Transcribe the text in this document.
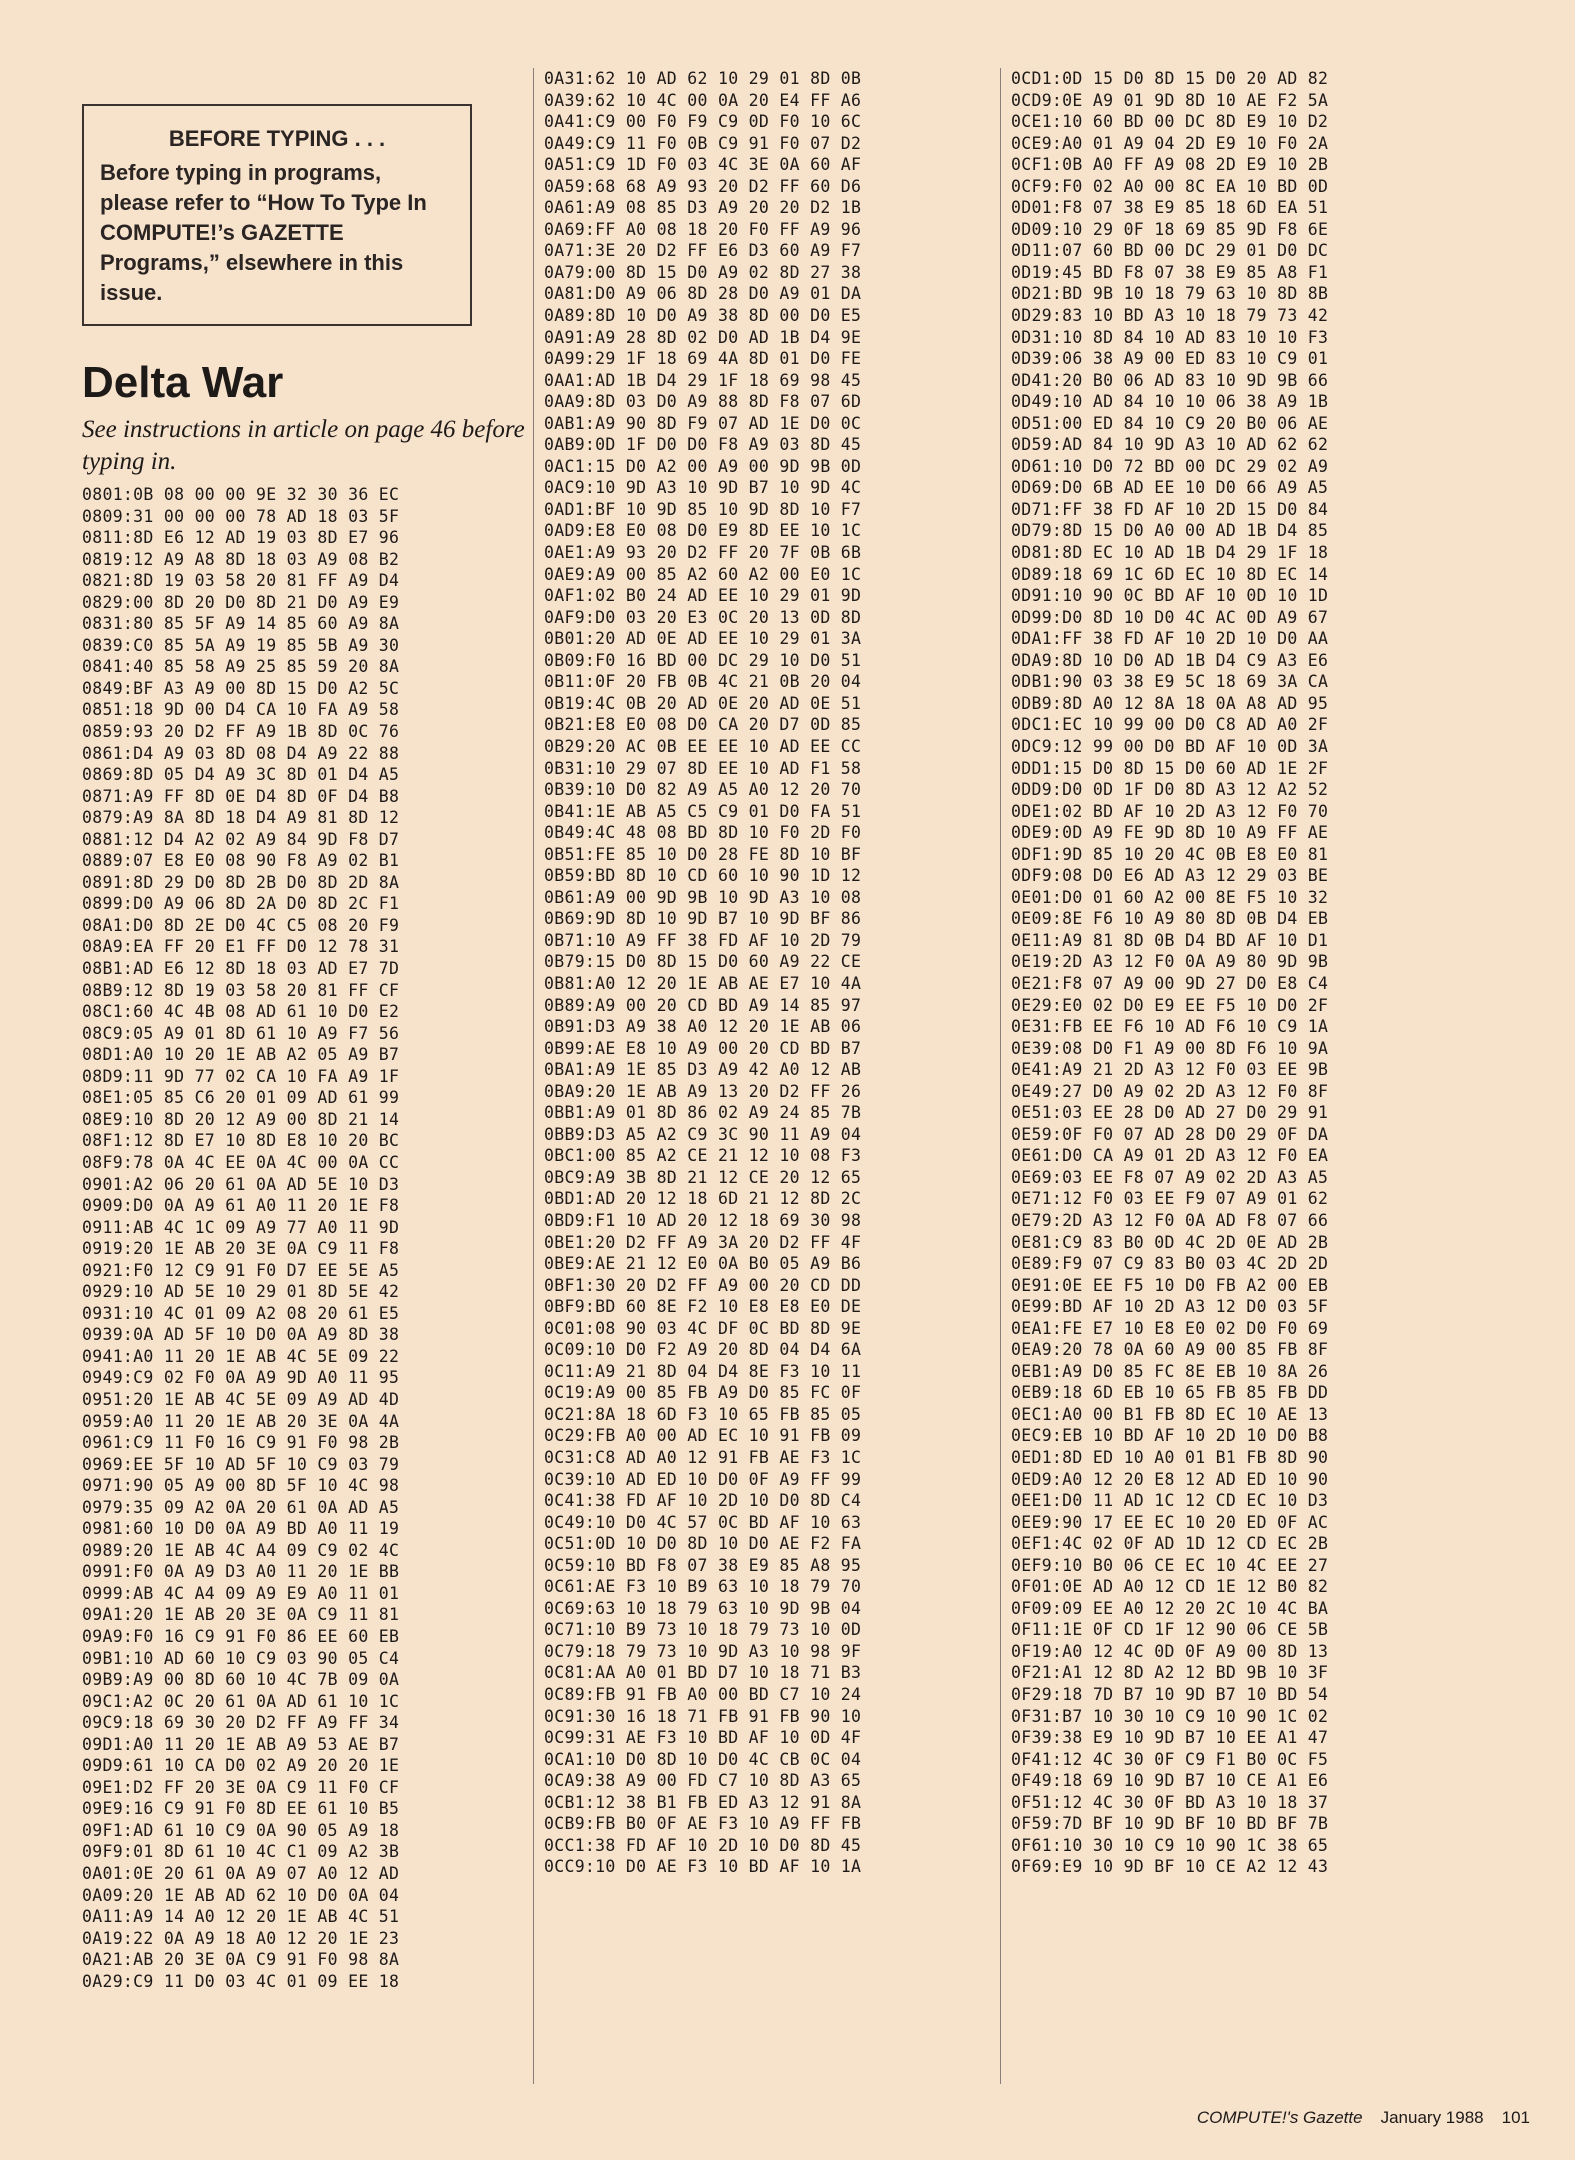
BEFORE TYPING . . .
Before typing in programs, please refer to “How To Type In COMPUTE!’s GAZETTE Programs,” elsewhere in this issue.
Delta War
See instructions in article on page 46 before typing in.
0801:0B 08 00 00 9E 32 30 36 EC
0809:31 00 00 00 78 AD 18 03 5F
0811:8D E6 12 AD 19 03 8D E7 96
0819:12 A9 A8 8D 18 03 A9 08 B2
0821:8D 19 03 58 20 81 FF A9 D4
0829:00 8D 20 D0 8D 21 D0 A9 E9
0831:80 85 5F A9 14 85 60 A9 8A
0839:C0 85 5A A9 19 85 5B A9 30
0841:40 85 58 A9 25 85 59 20 8A
0849:BF A3 A9 00 8D 15 D0 A2 5C
0851:18 9D 00 D4 CA 10 FA A9 58
0859:93 20 D2 FF A9 1B 8D 0C 76
0861:D4 A9 03 8D 08 D4 A9 22 88
0869:8D 05 D4 A9 3C 8D 01 D4 A5
0871:A9 FF 8D 0E D4 8D 0F D4 B8
0879:A9 8A 8D 18 D4 A9 81 8D 12
0881:12 D4 A2 02 A9 84 9D F8 D7
0889:07 E8 E0 08 90 F8 A9 02 B1
0891:8D 29 D0 8D 2B D0 8D 2D 8A
0899:D0 A9 06 8D 2A D0 8D 2C F1
08A1:D0 8D 2E D0 4C C5 08 20 F9
08A9:EA FF 20 E1 FF D0 12 78 31
08B1:AD E6 12 8D 18 03 AD E7 7D
08B9:12 8D 19 03 58 20 81 FF CF
08C1:60 4C 4B 08 AD 61 10 D0 E2
08C9:05 A9 01 8D 61 10 A9 F7 56
08D1:A0 10 20 1E AB A2 05 A9 B7
08D9:11 9D 77 02 CA 10 FA A9 1F
08E1:05 85 C6 20 01 09 AD 61 99
08E9:10 8D 20 12 A9 00 8D 21 14
08F1:12 8D E7 10 8D E8 10 20 BC
08F9:78 0A 4C EE 0A 4C 00 0A CC
0901:A2 06 20 61 0A AD 5E 10 D3
0909:D0 0A A9 61 A0 11 20 1E F8
0911:AB 4C 1C 09 A9 77 A0 11 9D
0919:20 1E AB 20 3E 0A C9 11 F8
0921:F0 12 C9 91 F0 D7 EE 5E A5
0929:10 AD 5E 10 29 01 8D 5E 42
0931:10 4C 01 09 A2 08 20 61 E5
0939:0A AD 5F 10 D0 0A A9 8D 38
0941:A0 11 20 1E AB 4C 5E 09 22
0949:C9 02 F0 0A A9 9D A0 11 95
0951:20 1E AB 4C 5E 09 A9 AD 4D
0959:A0 11 20 1E AB 20 3E 0A 4A
0961:C9 11 F0 16 C9 91 F0 98 2B
0969:EE 5F 10 AD 5F 10 C9 03 79
0971:90 05 A9 00 8D 5F 10 4C 98
0979:35 09 A2 0A 20 61 0A AD A5
0981:60 10 D0 0A A9 BD A0 11 19
0989:20 1E AB 4C A4 09 C9 02 4C
0991:F0 0A A9 D3 A0 11 20 1E BB
0999:AB 4C A4 09 A9 E9 A0 11 01
09A1:20 1E AB 20 3E 0A C9 11 81
09A9:F0 16 C9 91 F0 86 EE 60 EB
09B1:10 AD 60 10 C9 03 90 05 C4
09B9:A9 00 8D 60 10 4C 7B 09 0A
09C1:A2 0C 20 61 0A AD 61 10 1C
09C9:18 69 30 20 D2 FF A9 FF 34
09D1:A0 11 20 1E AB A9 53 AE B7
09D9:61 10 CA D0 02 A9 20 20 1E
09E1:D2 FF 20 3E 0A C9 11 F0 CF
09E9:16 C9 91 F0 8D EE 61 10 B5
09F1:AD 61 10 C9 0A 90 05 A9 18
09F9:01 8D 61 10 4C C1 09 A2 3B
0A01:0E 20 61 0A A9 07 A0 12 AD
0A09:20 1E AB AD 62 10 D0 0A 04
0A11:A9 14 A0 12 20 1E AB 4C 51
0A19:22 0A A9 18 A0 12 20 1E 23
0A21:AB 20 3E 0A C9 91 F0 98 8A
0A29:C9 11 D0 03 4C 01 09 EE 18
0A31:62 10 AD 62 10 29 01 8D 0B
0A39:62 10 4C 00 0A 20 E4 FF A6
0A41:C9 00 F0 F9 C9 0D F0 10 6C
0A49:C9 11 F0 0B C9 91 F0 07 D2
0A51:C9 1D F0 03 4C 3E 0A 60 AF
0A59:68 68 A9 93 20 D2 FF 60 D6
0A61:A9 08 85 D3 A9 20 20 D2 1B
0A69:FF A0 08 18 20 F0 FF A9 96
0A71:3E 20 D2 FF E6 D3 60 A9 F7
0A79:00 8D 15 D0 A9 02 8D 27 38
0A81:D0 A9 06 8D 28 D0 A9 01 DA
0A89:8D 10 D0 A9 38 8D 00 D0 E5
0A91:A9 28 8D 02 D0 AD 1B D4 9E
0A99:29 1F 18 69 4A 8D 01 D0 FE
0AA1:AD 1B D4 29 1F 18 69 98 45
0AA9:8D 03 D0 A9 88 8D F8 07 6D
0AB1:A9 90 8D F9 07 AD 1E D0 0C
0AB9:0D 1F D0 D0 F8 A9 03 8D 45
0AC1:15 D0 A2 00 A9 00 9D 9B 0D
0AC9:10 9D A3 10 9D B7 10 9D 4C
0AD1:BF 10 9D 85 10 9D 8D 10 F7
0AD9:E8 E0 08 D0 E9 8D EE 10 1C
0AE1:A9 93 20 D2 FF 20 7F 0B 6B
0AE9:A9 00 85 A2 60 A2 00 E0 1C
0AF1:02 B0 24 AD EE 10 29 01 9D
0AF9:D0 03 20 E3 0C 20 13 0D 8D
0B01:20 AD 0E AD EE 10 29 01 3A
0B09:F0 16 BD 00 DC 29 10 D0 51
0B11:0F 20 FB 0B 4C 21 0B 20 04
0B19:4C 0B 20 AD 0E 20 AD 0E 51
0B21:E8 E0 08 D0 CA 20 D7 0D 85
0B29:20 AC 0B EE EE 10 AD EE CC
0B31:10 29 07 8D EE 10 AD F1 58
0B39:10 D0 82 A9 A5 A0 12 20 70
0B41:1E AB A5 C5 C9 01 D0 FA 51
0B49:4C 48 08 BD 8D 10 F0 2D F0
0B51:FE 85 10 D0 28 FE 8D 10 BF
0B59:BD 8D 10 CD 60 10 90 1D 12
0B61:A9 00 9D 9B 10 9D A3 10 08
0B69:9D 8D 10 9D B7 10 9D BF 86
0B71:10 A9 FF 38 FD AF 10 2D 79
0B79:15 D0 8D 15 D0 60 A9 22 CE
0B81:A0 12 20 1E AB AE E7 10 4A
0B89:A9 00 20 CD BD A9 14 85 97
0B91:D3 A9 38 A0 12 20 1E AB 06
0B99:AE E8 10 A9 00 20 CD BD B7
0BA1:A9 1E 85 D3 A9 42 A0 12 AB
0BA9:20 1E AB A9 13 20 D2 FF 26
0BB1:A9 01 8D 86 02 A9 24 85 7B
0BB9:D3 A5 A2 C9 3C 90 11 A9 04
0BC1:00 85 A2 CE 21 12 10 08 F3
0BC9:A9 3B 8D 21 12 CE 20 12 65
0BD1:AD 20 12 18 6D 21 12 8D 2C
0BD9:F1 10 AD 20 12 18 69 30 98
0BE1:20 D2 FF A9 3A 20 D2 FF 4F
0BE9:AE 21 12 E0 0A B0 05 A9 B6
0BF1:30 20 D2 FF A9 00 20 CD DD
0BF9:BD 60 8E F2 10 E8 E8 E0 DE
0C01:08 90 03 4C DF 0C BD 8D 9E
0C09:10 D0 F2 A9 20 8D 04 D4 6A
0C11:A9 21 8D 04 D4 8E F3 10 11
0C19:A9 00 85 FB A9 D0 85 FC 0F
0C21:8A 18 6D F3 10 65 FB 85 05
0C29:FB A0 00 AD EC 10 91 FB 09
0C31:C8 AD A0 12 91 FB AE F3 1C
0C39:10 AD ED 10 D0 0F A9 FF 99
0C41:38 FD AF 10 2D 10 D0 8D C4
0C49:10 D0 4C 57 0C BD AF 10 63
0C51:0D 10 D0 8D 10 D0 AE F2 FA
0C59:10 BD F8 07 38 E9 85 A8 95
0C61:AE F3 10 B9 63 10 18 79 70
0C69:63 10 18 79 63 10 9D 9B 04
0C71:10 B9 73 10 18 79 73 10 0D
0C79:18 79 73 10 9D A3 10 98 9F
0C81:AA A0 01 BD D7 10 18 71 B3
0C89:FB 91 FB A0 00 BD C7 10 24
0C91:30 16 18 71 FB 91 FB 90 10
0C99:31 AE F3 10 BD AF 10 0D 4F
0CA1:10 D0 8D 10 D0 4C CB 0C 04
0CA9:38 A9 00 FD C7 10 8D A3 65
0CB1:12 38 B1 FB ED A3 12 91 8A
0CB9:FB B0 0F AE F3 10 A9 FF FB
0CC1:38 FD AF 10 2D 10 D0 8D 45
0CC9:10 D0 AE F3 10 BD AF 10 1A
0CD1:0D 15 D0 8D 15 D0 20 AD 82
0CD9:0E A9 01 9D 8D 10 AE F2 5A
0CE1:10 60 BD 00 DC 8D E9 10 D2
0CE9:A0 01 A9 04 2D E9 10 F0 2A
0CF1:0B A0 FF A9 08 2D E9 10 2B
0CF9:F0 02 A0 00 8C EA 10 BD 0D
0D01:F8 07 38 E9 85 18 6D EA 51
0D09:10 29 0F 18 69 85 9D F8 6E
0D11:07 60 BD 00 DC 29 01 D0 DC
0D19:45 BD F8 07 38 E9 85 A8 F1
0D21:BD 9B 10 18 79 63 10 8D 8B
0D29:83 10 BD A3 10 18 79 73 42
0D31:10 8D 84 10 AD 83 10 10 F3
0D39:06 38 A9 00 ED 83 10 C9 01
0D41:20 B0 06 AD 83 10 9D 9B 66
0D49:10 AD 84 10 10 06 38 A9 1B
0D51:00 ED 84 10 C9 20 B0 06 AE
0D59:AD 84 10 9D A3 10 AD 62 62
0D61:10 D0 72 BD 00 DC 29 02 A9
0D69:D0 6B AD EE 10 D0 66 A9 A5
0D71:FF 38 FD AF 10 2D 15 D0 84
0D79:8D 15 D0 A0 00 AD 1B D4 85
0D81:8D EC 10 AD 1B D4 29 1F 18
0D89:18 69 1C 6D EC 10 8D EC 14
0D91:10 90 0C BD AF 10 0D 10 1D
0D99:D0 8D 10 D0 4C AC 0D A9 67
0DA1:FF 38 FD AF 10 2D 10 D0 AA
0DA9:8D 10 D0 AD 1B D4 C9 A3 E6
0DB1:90 03 38 E9 5C 18 69 3A CA
0DB9:8D A0 12 8A 18 0A A8 AD 95
0DC1:EC 10 99 00 D0 C8 AD A0 2F
0DC9:12 99 00 D0 BD AF 10 0D 3A
0DD1:15 D0 8D 15 D0 60 AD 1E 2F
0DD9:D0 0D 1F D0 8D A3 12 A2 52
0DE1:02 BD AF 10 2D A3 12 F0 70
0DE9:0D A9 FE 9D 8D 10 A9 FF AE
0DF1:9D 85 10 20 4C 0B E8 E0 81
0DF9:08 D0 E6 AD A3 12 29 03 BE
0E01:D0 01 60 A2 00 8E F5 10 32
0E09:8E F6 10 A9 80 8D 0B D4 EB
0E11:A9 81 8D 0B D4 BD AF 10 D1
0E19:2D A3 12 F0 0A A9 80 9D 9B
0E21:F8 07 A9 00 9D 27 D0 E8 C4
0E29:E0 02 D0 E9 EE F5 10 D0 2F
0E31:FB EE F6 10 AD F6 10 C9 1A
0E39:08 D0 F1 A9 00 8D F6 10 9A
0E41:A9 21 2D A3 12 F0 03 EE 9B
0E49:27 D0 A9 02 2D A3 12 F0 8F
0E51:03 EE 28 D0 AD 27 D0 29 91
0E59:0F F0 07 AD 28 D0 29 0F DA
0E61:D0 CA A9 01 2D A3 12 F0 EA
0E69:03 EE F8 07 A9 02 2D A3 A5
0E71:12 F0 03 EE F9 07 A9 01 62
0E79:2D A3 12 F0 0A AD F8 07 66
0E81:C9 83 B0 0D 4C 2D 0E AD 2B
0E89:F9 07 C9 83 B0 03 4C 2D 2D
0E91:0E EE F5 10 D0 FB A2 00 EB
0E99:BD AF 10 2D A3 12 D0 03 5F
0EA1:FE E7 10 E8 E0 02 D0 F0 69
0EA9:20 78 0A 60 A9 00 85 FB 8F
0EB1:A9 D0 85 FC 8E EB 10 8A 26
0EB9:18 6D EB 10 65 FB 85 FB DD
0EC1:A0 00 B1 FB 8D EC 10 AE 13
0EC9:EB 10 BD AF 10 2D 10 D0 B8
0ED1:8D ED 10 A0 01 B1 FB 8D 90
0ED9:A0 12 20 E8 12 AD ED 10 90
0EE1:D0 11 AD 1C 12 CD EC 10 D3
0EE9:90 17 EE EC 10 20 ED 0F AC
0EF1:4C 02 0F AD 1D 12 CD EC 2B
0EF9:10 B0 06 CE EC 10 4C EE 27
0F01:0E AD A0 12 CD 1E 12 B0 82
0F09:09 EE A0 12 20 2C 10 4C BA
0F11:1E 0F CD 1F 12 90 06 CE 5B
0F19:A0 12 4C 0D 0F A9 00 8D 13
0F21:A1 12 8D A2 12 BD 9B 10 3F
0F29:18 7D B7 10 9D B7 10 BD 54
0F31:B7 10 30 10 C9 10 90 1C 02
0F39:38 E9 10 9D B7 10 EE A1 47
0F41:12 4C 30 0F C9 F1 B0 0C F5
0F49:18 69 10 9D B7 10 CE A1 E6
0F51:12 4C 30 0F BD A3 10 18 37
0F59:7D BF 10 9D BF 10 BD BF 7B
0F61:10 30 10 C9 10 90 1C 38 65
0F69:E9 10 9D BF 10 CE A2 12 43
COMPUTE!'s Gazette January 1988 101
